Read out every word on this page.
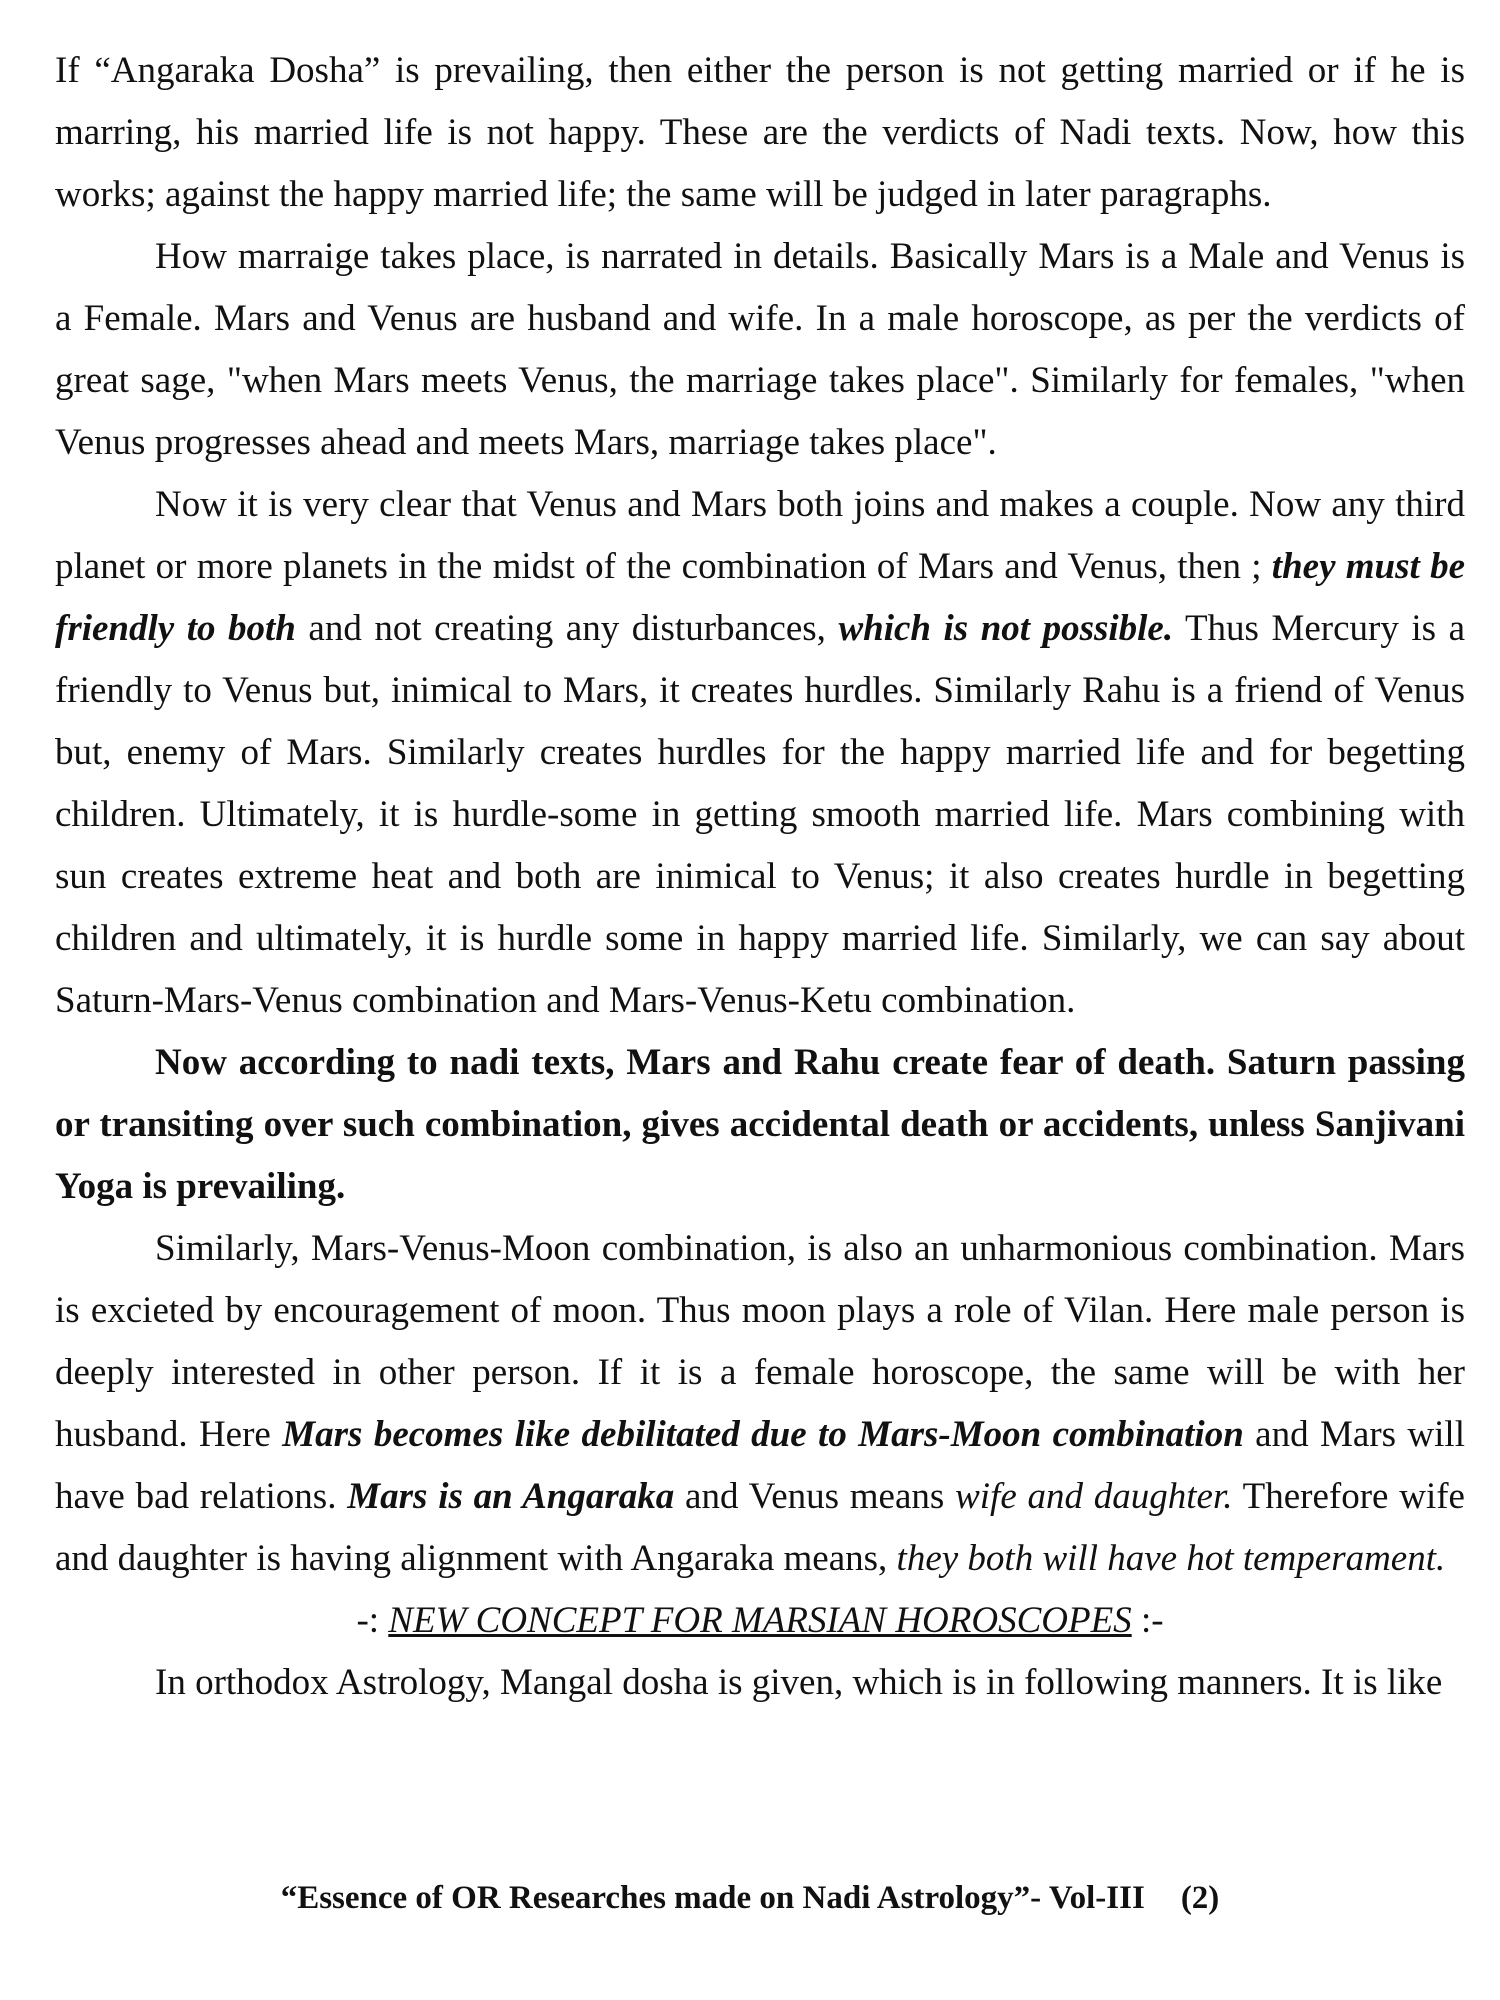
If “Angaraka Dosha” is prevailing, then either the person is not getting married or if he is marring, his married life is not happy. These are the verdicts of Nadi texts. Now, how this works; against the happy married life; the same will be judged in later paragraphs.

How marraige takes place, is narrated in details. Basically Mars is a Male and Venus is a Female. Mars and Venus are husband and wife. In a male horoscope, as per the verdicts of great sage, "when Mars meets Venus, the marriage takes place". Similarly for females, "when Venus progresses ahead and meets Mars, marriage takes place".

Now it is very clear that Venus and Mars both joins and makes a couple. Now any third planet or more planets in the midst of the combination of Mars and Venus, then ; they must be friendly to both and not creating any disturbances, which is not possible. Thus Mercury is a friendly to Venus but, inimical to Mars, it creates hurdles. Similarly Rahu is a friend of Venus but, enemy of Mars. Similarly creates hurdles for the happy married life and for begetting children. Ultimately, it is hurdle-some in getting smooth married life. Mars combining with sun creates extreme heat and both are inimical to Venus; it also creates hurdle in begetting children and ultimately, it is hurdle some in happy married life. Similarly, we can say about Saturn-Mars-Venus combination and Mars-Venus-Ketu combination.

Now according to nadi texts, Mars and Rahu create fear of death. Saturn passing or transiting over such combination, gives accidental death or accidents, unless Sanjivani Yoga is prevailing.

Similarly, Mars-Venus-Moon combination, is also an unharmonious combination. Mars is excieted by encouragement of moon. Thus moon plays a role of Vilan. Here male person is deeply interested in other person. If it is a female horoscope, the same will be with her husband. Here Mars becomes like debilitated due to Mars-Moon combination and Mars will have bad relations. Mars is an Angaraka and Venus means wife and daughter. Therefore wife and daughter is having alignment with Angaraka means, they both will have hot temperament.

-: NEW CONCEPT FOR MARSIAN HOROSCOPES :-

In orthodox Astrology, Mangal dosha is given, which is in following manners. It is like

“Essence of OR Researches made on Nadi Astrology”- Vol-III (2)
